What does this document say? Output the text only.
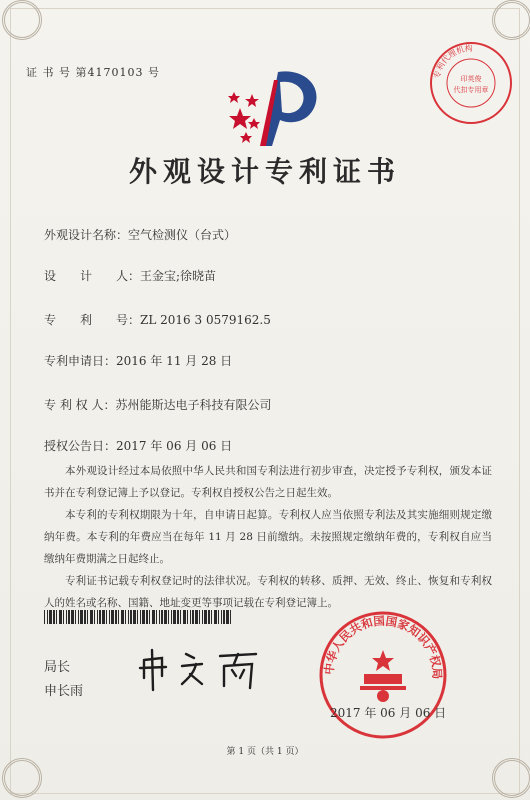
证 书 号 第4170103 号	专利代理机构
印英俊
代扣专用章
外观设计专利证书
外观设计名称：空气检测仪（台式）
设　　计　　人：王金宝;徐晓苗
专　　利　　号：ZL 2016 3 0579162.5
专利申请日：2016 年 11 月 28 日
专 利 权 人：苏州能斯达电子科技有限公司
授权公告日：2017 年 06 月 06 日

本外观设计经过本局依照中华人民共和国专利法进行初步审查，决定授予专利权，颁发本证书并在专利登记簿上予以登记。专利权自授权公告之日起生效。

本专利的专利权期限为十年，自申请日起算。专利权人应当依照专利法及其实施细则规定缴纳年费。本专利的年费应当在每年 11 月 28 日前缴纳。未按照规定缴纳年费的，专利权自应当缴纳年费期满之日起终止。

专利证书记载专利权登记时的法律状况。专利权的转移、质押、无效、终止、恢复和专利权人的姓名或名称、国籍、地址变更等事项记载在专利登记簿上。

局长
申长雨
中华人民共和国国家知识产权局
2017 年 06 月 06 日
第 1 页（共 1 页）
